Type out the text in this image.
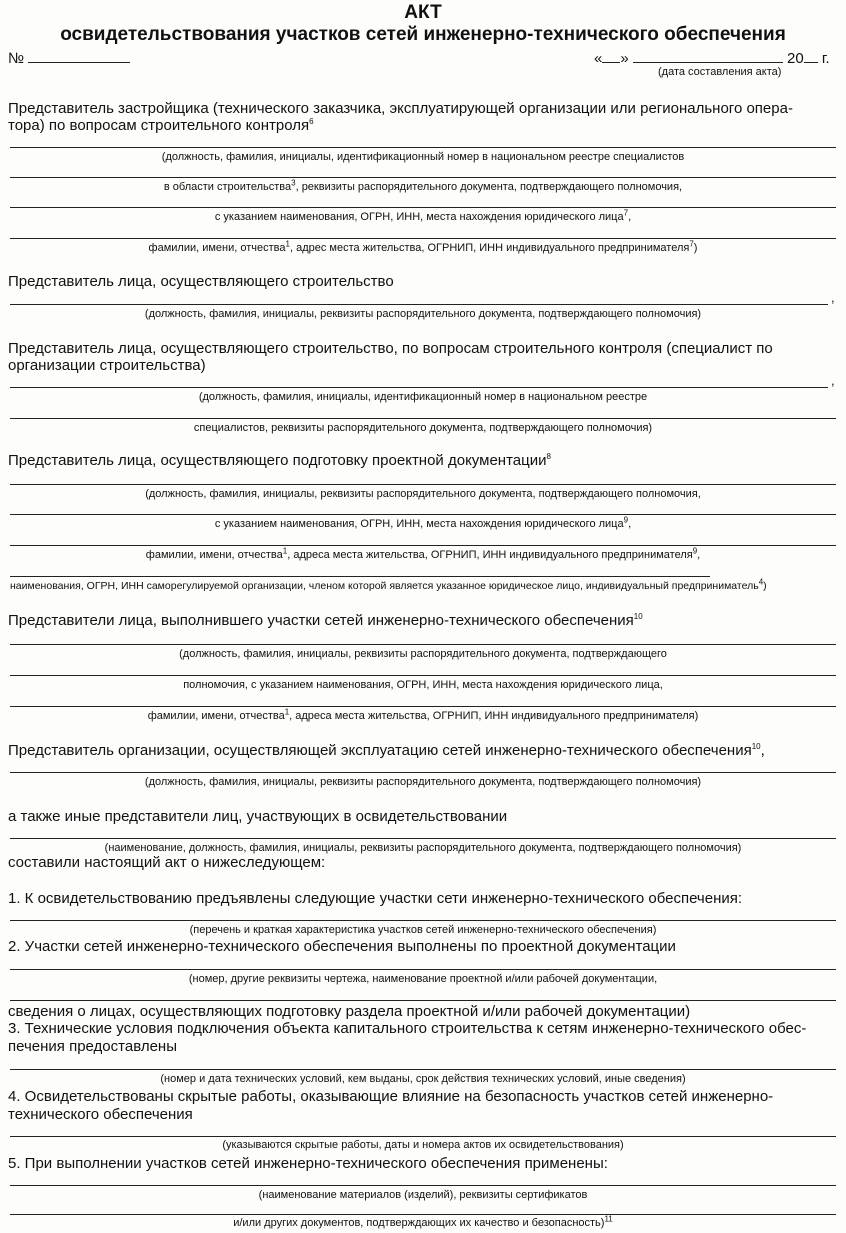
АКТ
освидетельствования участков сетей инженерно-технического обеспечения
№	« »	20 г.
(дата составления акта)
Представитель застройщика (технического заказчика, эксплуатирующей организации или регионального опера-
тора) по вопросам строительного контроля$^6$
(должность, фамилия, инициалы, идентификационный номер в национальном реестре специалистов
в области строительства$^3$, реквизиты распорядительного документа, подтверждающего полномочия,
с указанием наименования, ОГРН, ИНН, места нахождения юридического лица$^7$,
фамилии, имени, отчества$^1$, адрес места жительства, ОГРНИП, ИНН индивидуального предпринимателя$^7$)
Представитель лица, осуществляющего строительство
,
(должность, фамилия, инициалы, реквизиты распорядительного документа, подтверждающего полномочия)
Представитель лица, осуществляющего строительство, по вопросам строительного контроля (специалист по
организации строительства)
,
(должность, фамилия, инициалы, идентификационный номер в национальном реестре
специалистов, реквизиты распорядительного документа, подтверждающего полномочия)
Представитель лица, осуществляющего подготовку проектной документации$^8$
(должность, фамилия, инициалы, реквизиты распорядительного документа, подтверждающего полномочия,
с указанием наименования, ОГРН, ИНН, места нахождения юридического лица$^9$,
фамилии, имени, отчества$^1$, адреса места жительства, ОГРНИП, ИНН индивидуального предпринимателя$^9$,
наименования, ОГРН, ИНН саморегулируемой организации, членом которой является указанное юридическое лицо, индивидуальный предприниматель$^4$)
Представители лица, выполнившего участки сетей инженерно-технического обеспечения$^{10}$
(должность, фамилия, инициалы, реквизиты распорядительного документа, подтверждающего
полномочия, с указанием наименования, ОГРН, ИНН, места нахождения юридического лица,
фамилии, имени, отчества$^1$, адреса места жительства, ОГРНИП, ИНН индивидуального предпринимателя)
Представитель организации, осуществляющей эксплуатацию сетей инженерно-технического обеспечения$^{10}$,
(должность, фамилия, инициалы, реквизиты распорядительного документа, подтверждающего полномочия)
а также иные представители лиц, участвующих в освидетельствовании
(наименование, должность, фамилия, инициалы, реквизиты распорядительного документа, подтверждающего полномочия)
составили настоящий акт о нижеследующем:
1. К освидетельствованию предъявлены следующие участки сети инженерно-технического обеспечения:
(перечень и краткая характеристика участков сетей инженерно-технического обеспечения)
2. Участки сетей инженерно-технического обеспечения выполнены по проектной документации
(номер, другие реквизиты чертежа, наименование проектной и/или рабочей документации,
сведения о лицах, осуществляющих подготовку раздела проектной и/или рабочей документации)
3. Технические условия подключения объекта капитального строительства к сетям инженерно-технического обес-
печения предоставлены
(номер и дата технических условий, кем выданы, срок действия технических условий, иные сведения)
4. Освидетельствованы скрытые работы, оказывающие влияние на безопасность участков сетей инженерно-
технического обеспечения
(указываются скрытые работы, даты и номера актов их освидетельствования)
5. При выполнении участков сетей инженерно-технического обеспечения применены:
(наименование материалов (изделий), реквизиты сертификатов
и/или других документов, подтверждающих их качество и безопасность)$^{11}$
